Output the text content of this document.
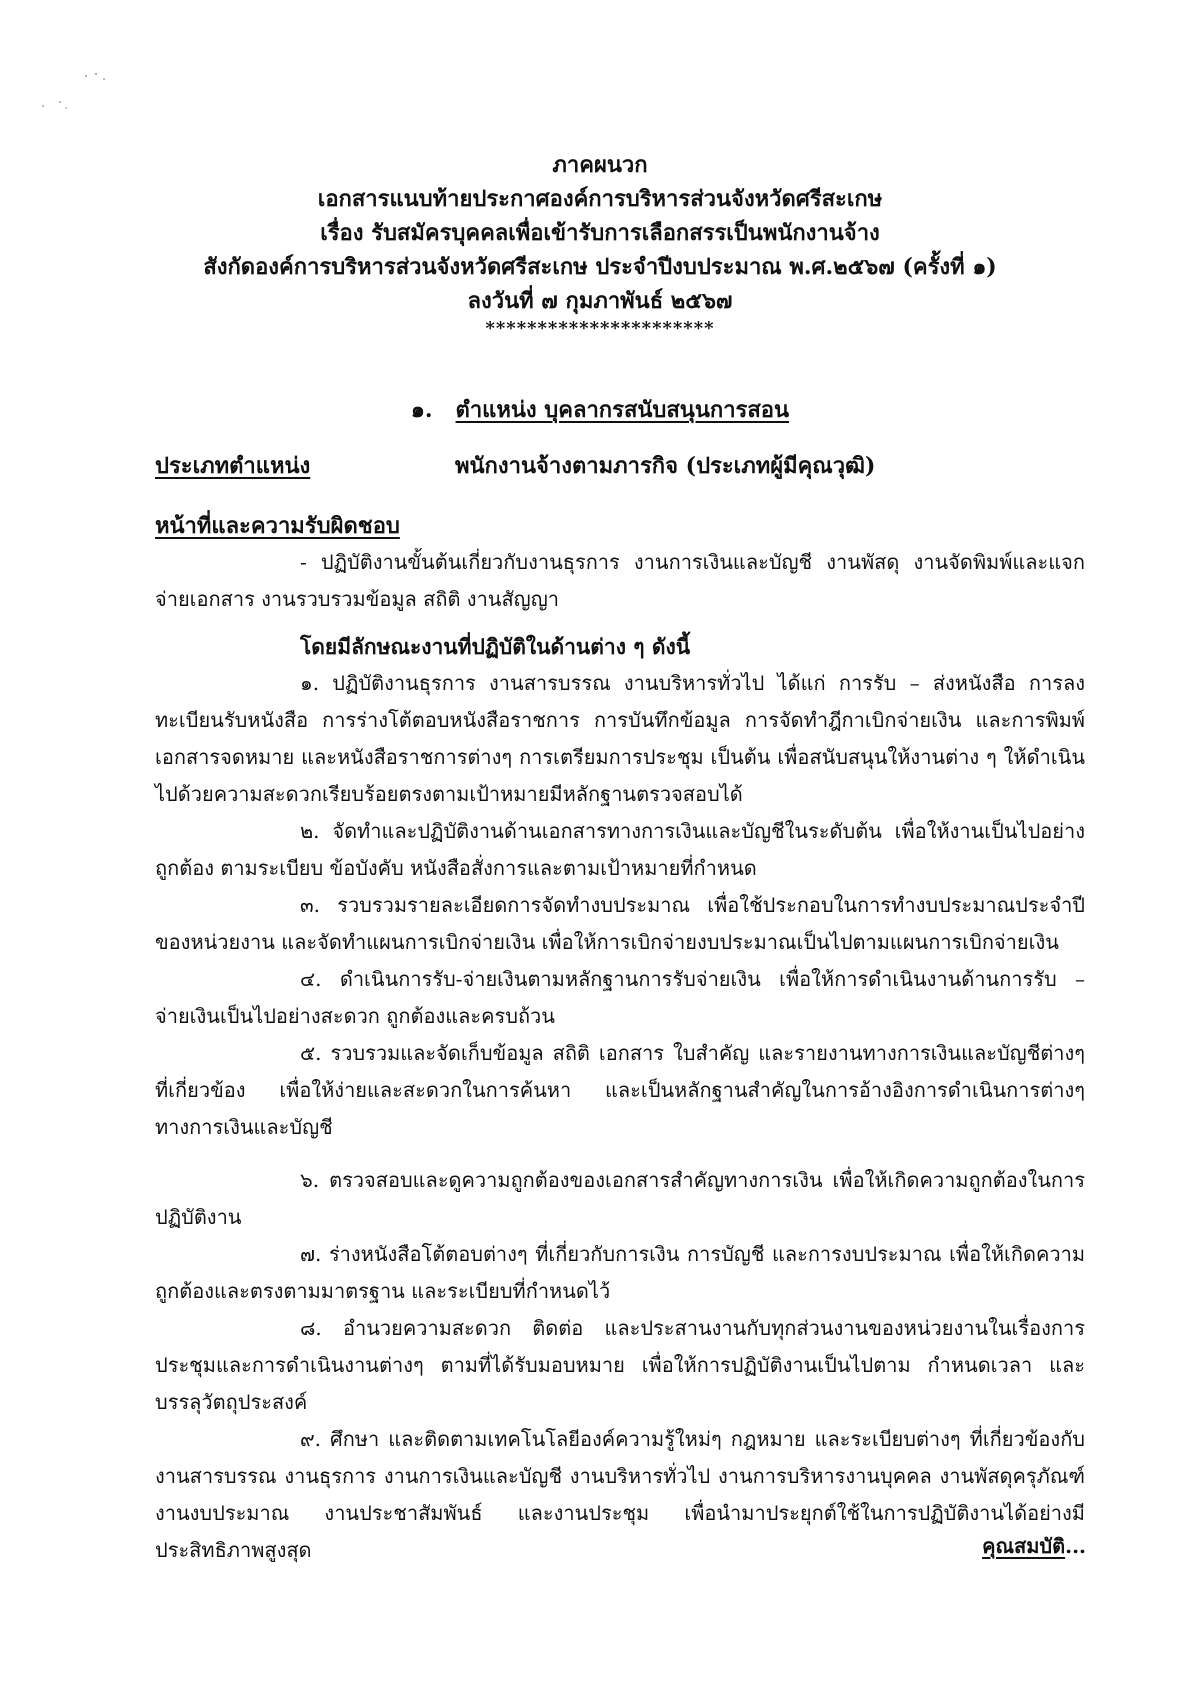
ภาคผนวก
เอกสารแนบท้ายประกาศองค์การบริหารส่วนจังหวัดศรีสะเกษ
เรื่อง รับสมัครบุคคลเพื่อเข้ารับการเลือกสรรเป็นพนักงานจ้าง
สังกัดองค์การบริหารส่วนจังหวัดศรีสะเกษ ประจำปีงบประมาณ พ.ศ.๒๕๖๗ (ครั้งที่ ๑)
ลงวันที่ ๗ กุมภาพันธ์ ๒๕๖๗
**********************
๑. ตำแหน่ง บุคลากรสนับสนุนการสอน
ประเภทตำแหน่ง	พนักงานจ้างตามภารกิจ (ประเภทผู้มีคุณวุฒิ)
หน้าที่และความรับผิดชอบ

- ปฏิบัติงานขั้นต้นเกี่ยวกับงานธุรการ งานการเงินและบัญชี งานพัสดุ งานจัดพิมพ์และแจกจ่ายเอกสาร งานรวบรวมข้อมูล สถิติ งานสัญญา

โดยมีลักษณะงานที่ปฏิบัติในด้านต่าง ๆ ดังนี้

๑. ปฏิบัติงานธุรการ งานสารบรรณ งานบริหารทั่วไป ได้แก่ การรับ – ส่งหนังสือ การลงทะเบียนรับหนังสือ การร่างโต้ตอบหนังสือราชการ การบันทึกข้อมูล การจัดทำฎีกาเบิกจ่ายเงิน และการพิมพ์เอกสารจดหมาย และหนังสือราชการต่างๆ การเตรียมการประชุม เป็นต้น เพื่อสนับสนุนให้งานต่าง ๆ ให้ดำเนินไปด้วยความสะดวกเรียบร้อยตรงตามเป้าหมายมีหลักฐานตรวจสอบได้

๒. จัดทำและปฏิบัติงานด้านเอกสารทางการเงินและบัญชีในระดับต้น เพื่อให้งานเป็นไปอย่างถูกต้อง ตามระเบียบ ข้อบังคับ หนังสือสั่งการและตามเป้าหมายที่กำหนด

๓. รวบรวมรายละเอียดการจัดทำงบประมาณ เพื่อใช้ประกอบในการทำงบประมาณประจำปีของหน่วยงาน และจัดทำแผนการเบิกจ่ายเงิน เพื่อให้การเบิกจ่ายงบประมาณเป็นไปตามแผนการเบิกจ่ายเงิน

๔. ดำเนินการรับ-จ่ายเงินตามหลักฐานการรับจ่ายเงิน เพื่อให้การดำเนินงานด้านการรับ – จ่ายเงินเป็นไปอย่างสะดวก ถูกต้องและครบถ้วน

๕. รวบรวมและจัดเก็บข้อมูล สถิติ เอกสาร ใบสำคัญ และรายงานทางการเงินและบัญชีต่างๆที่เกี่ยวข้อง เพื่อให้ง่ายและสะดวกในการค้นหา และเป็นหลักฐานสำคัญในการอ้างอิงการดำเนินการต่างๆทางการเงินและบัญชี

๖. ตรวจสอบและดูความถูกต้องของเอกสารสำคัญทางการเงิน เพื่อให้เกิดความถูกต้องในการปฏิบัติงาน

๗. ร่างหนังสือโต้ตอบต่างๆ ที่เกี่ยวกับการเงิน การบัญชี และการงบประมาณ เพื่อให้เกิดความถูกต้องและตรงตามมาตรฐาน และระเบียบที่กำหนดไว้

๘. อำนวยความสะดวก ติดต่อ และประสานงานกับทุกส่วนงานของหน่วยงานในเรื่องการประชุมและการดำเนินงานต่างๆ ตามที่ได้รับมอบหมาย เพื่อให้การปฏิบัติงานเป็นไปตาม กำหนดเวลา และบรรลุวัตถุประสงค์

๙. ศึกษา และติดตามเทคโนโลยีองค์ความรู้ใหม่ๆ กฎหมาย และระเบียบต่างๆ ที่เกี่ยวข้องกับงานสารบรรณ งานธุรการ งานการเงินและบัญชี งานบริหารทั่วไป งานการบริหารงานบุคคล งานพัสดุครุภัณฑ์ งานงบประมาณ งานประชาสัมพันธ์ และงานประชุม เพื่อนำมาประยุกต์ใช้ในการปฏิบัติงานได้อย่างมีประสิทธิภาพสูงสุด	คุณสมบัติ...
